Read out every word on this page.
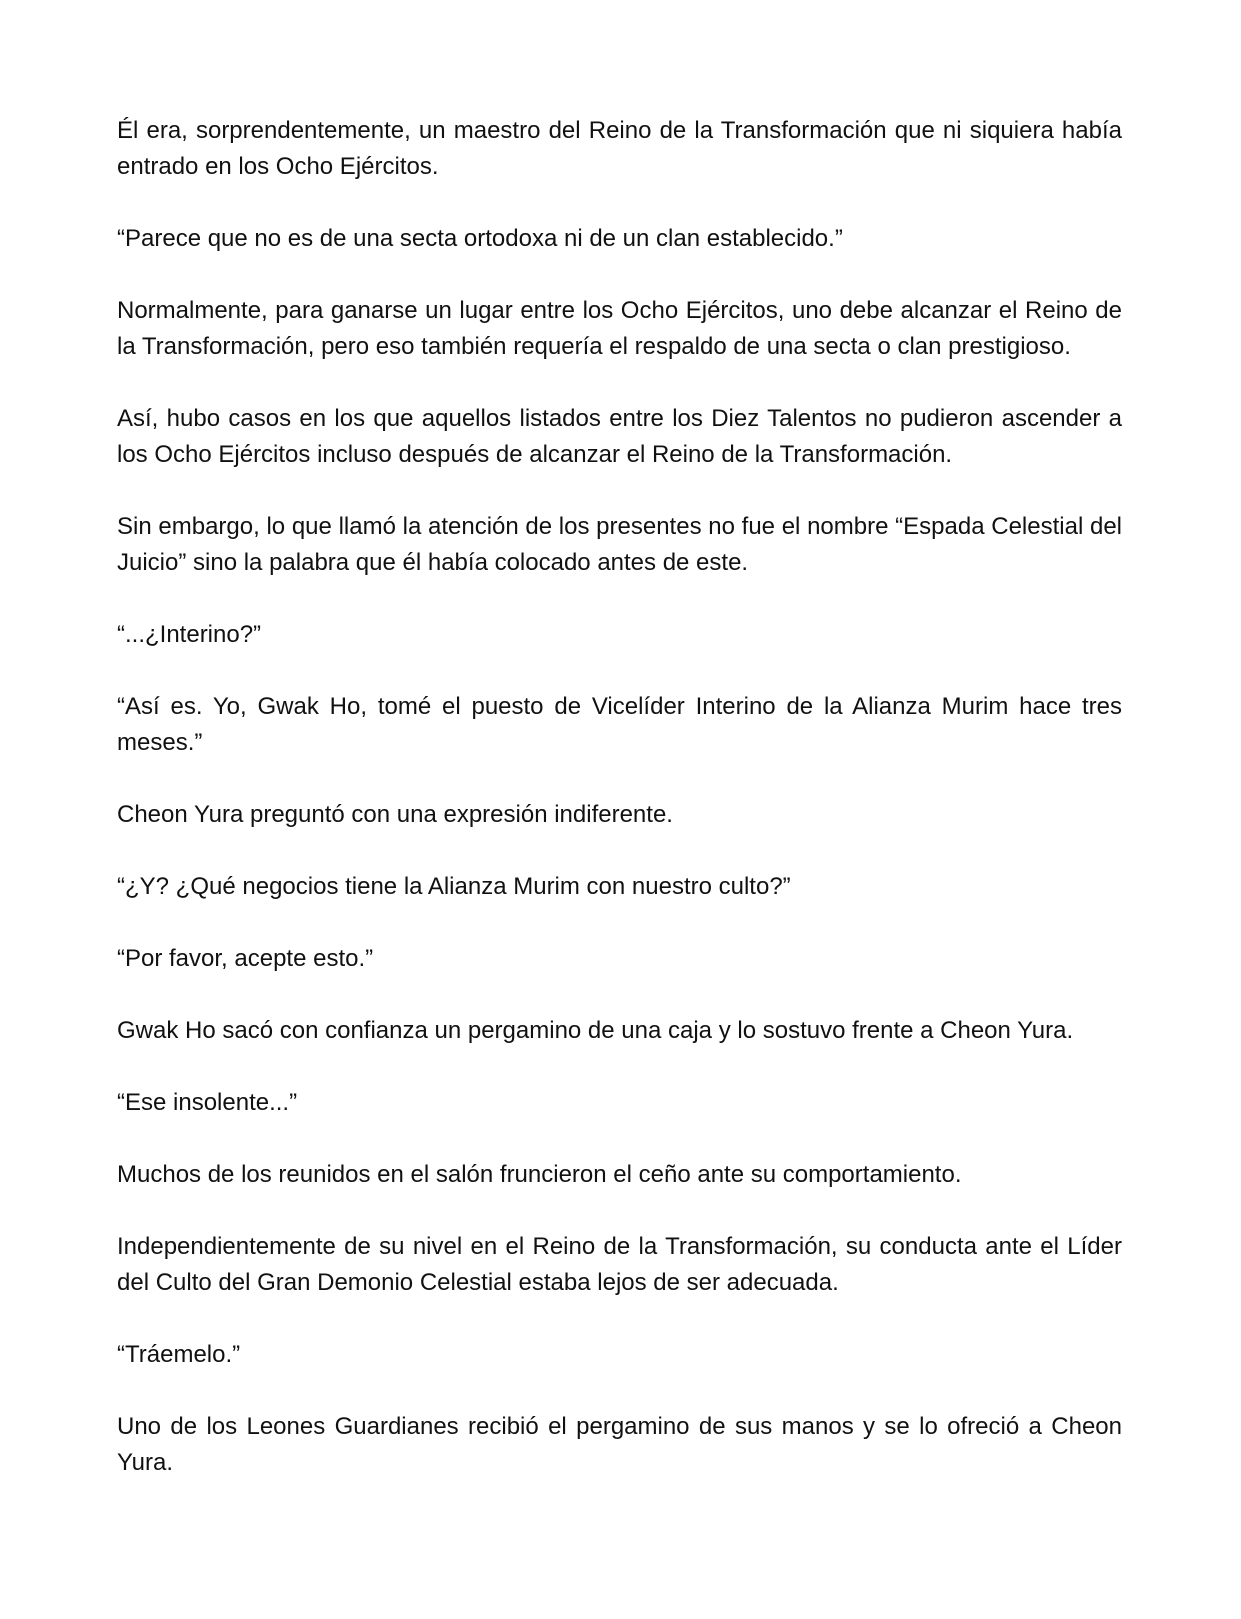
Él era, sorprendentemente, un maestro del Reino de la Transformación que ni siquiera había entrado en los Ocho Ejércitos.

“Parece que no es de una secta ortodoxa ni de un clan establecido.”

Normalmente, para ganarse un lugar entre los Ocho Ejércitos, uno debe alcanzar el Reino de la Transformación, pero eso también requería el respaldo de una secta o clan prestigioso.

Así, hubo casos en los que aquellos listados entre los Diez Talentos no pudieron ascender a los Ocho Ejércitos incluso después de alcanzar el Reino de la Transformación.

Sin embargo, lo que llamó la atención de los presentes no fue el nombre “Espada Celestial del Juicio” sino la palabra que él había colocado antes de este.

“...¿Interino?”

“Así es. Yo, Gwak Ho, tomé el puesto de Vicelíder Interino de la Alianza Murim hace tres meses.”

Cheon Yura preguntó con una expresión indiferente.

“¿Y? ¿Qué negocios tiene la Alianza Murim con nuestro culto?”

“Por favor, acepte esto.”

Gwak Ho sacó con confianza un pergamino de una caja y lo sostuvo frente a Cheon Yura.

“Ese insolente...”

Muchos de los reunidos en el salón fruncieron el ceño ante su comportamiento.

Independientemente de su nivel en el Reino de la Transformación, su conducta ante el Líder del Culto del Gran Demonio Celestial estaba lejos de ser adecuada.

“Tráemelo.”

Uno de los Leones Guardianes recibió el pergamino de sus manos y se lo ofreció a Cheon Yura.
